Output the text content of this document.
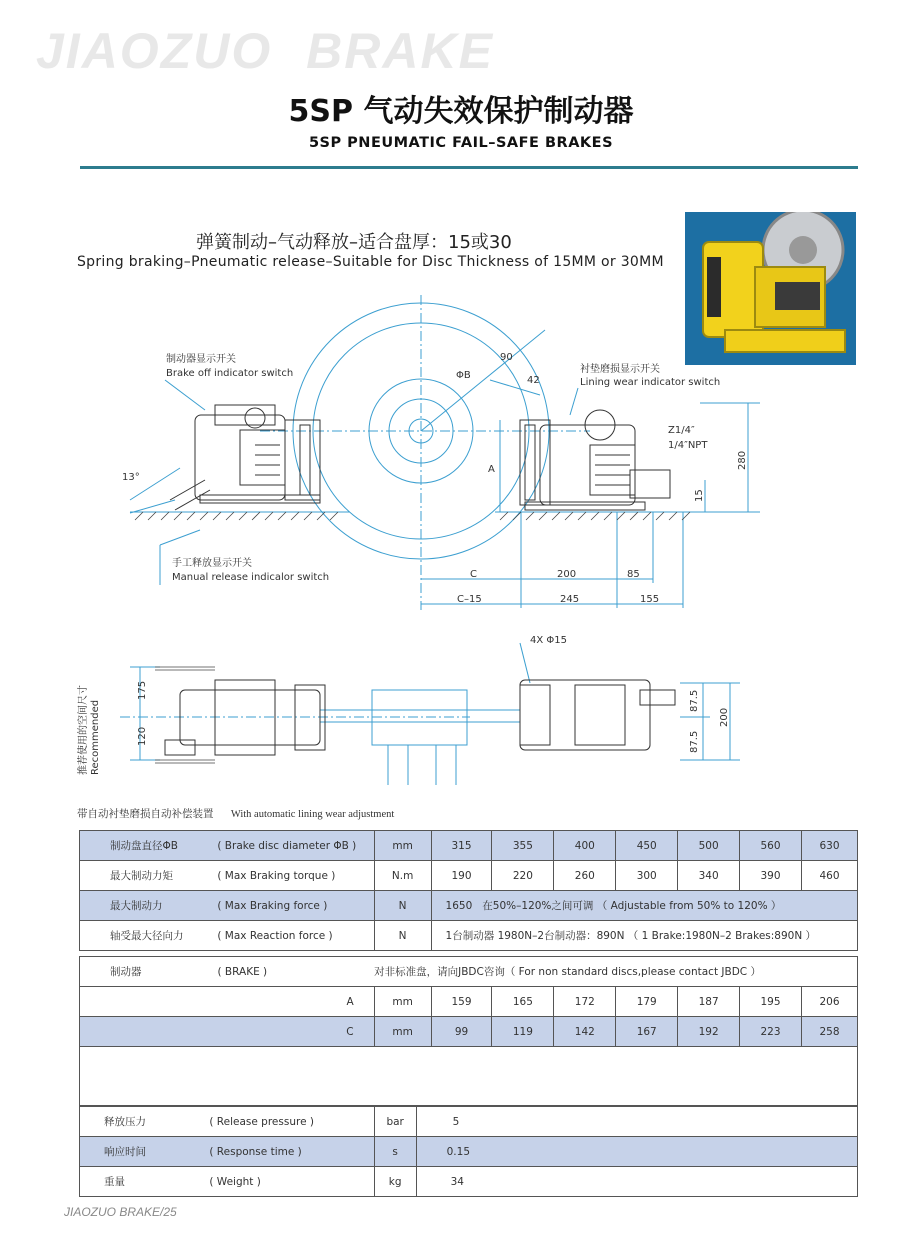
JIAOZUO BRAKE
5SP 气动失效保护制动器
5SP PNEUMATIC FAIL–SAFE BRAKES
弹簧制动–气动释放–适合盘厚：15或30
Spring braking–Pneumatic release–Suitable for Disc Thickness of 15MM or 30MM
制动器显示开关
Brake off indicator switch	衬垫磨损显示开关
Lining wear indicator switch
手工释放显示开关
Manual release indicalor switch
13°
ΦB
90
42
A
Z1/4″
1/4″NPT
280
15
C	200	85
C–15	245	155
4X Φ15
175
120
87.5
87.5
200
推荐使用的空间尺寸 Recommended
带自动衬垫磨损自动补偿装置 With automatic lining wear adjustment
制动盘直径ΦB	( Brake disc diameter ΦB )	mm	315	355	400	450	500	560	630
最大制动力矩	( Max Braking torque )	N.m	190	220	260	300	340	390	460
最大制动力	( Max Braking force )	N	1650 在50%–120%之间可调 （ Adjustable from 50% to 120% ）						
轴受最大径向力	( Max Reaction force )	N	1台制动器 1980N–2台制动器：890N （ 1 Brake:1980N–2 Brakes:890N ）						
制动器 ( BRAKE )	对非标准盘，请向JBDC咨询（ For non standard discs,please contact JBDC ）							
A	mm	159	165	172	179	187	195	206
C	mm	99	119	142	167	192	223	258

释放压力	( Release pressure )	bar	5
响应时间	( Response time )	s	0.15
重量	( Weight )	kg	34
JIAOZUO BRAKE/25
